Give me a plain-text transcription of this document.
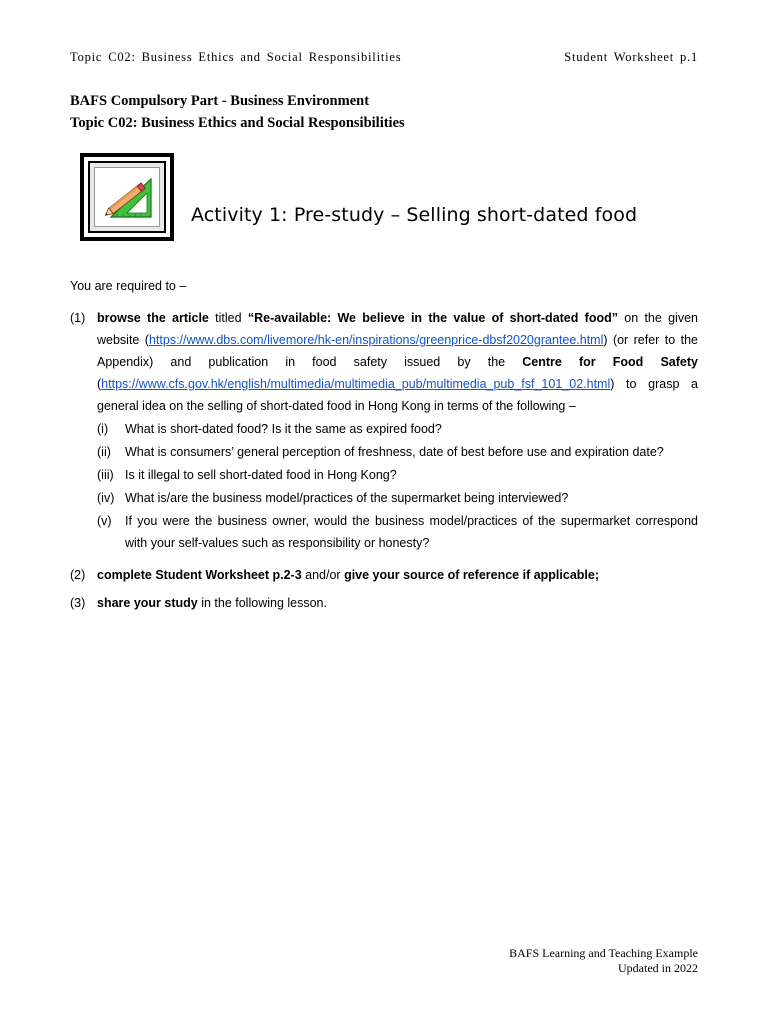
Topic C02: Business Ethics and Social Responsibilities	Student Worksheet p.1
BAFS Compulsory Part - Business Environment
Topic C02: Business Ethics and Social Responsibilities
Activity 1: Pre-study – Selling short-dated food
You are required to –
(1) browse the article titled “Re-available: We believe in the value of short-dated food” on the given website (https://www.dbs.com/livemore/hk-en/inspirations/greenprice-dbsf2020grantee.html) (or refer to the Appendix) and publication in food safety issued by the Centre for Food Safety (https://www.cfs.gov.hk/english/multimedia/multimedia_pub/multimedia_pub_fsf_101_02.html) to grasp a general idea on the selling of short-dated food in Hong Kong in terms of the following –
(i) What is short-dated food? Is it the same as expired food?
(ii) What is consumers’ general perception of freshness, date of best before use and expiration date?
(iii) Is it illegal to sell short-dated food in Hong Kong?
(iv) What is/are the business model/practices of the supermarket being interviewed?
(v) If you were the business owner, would the business model/practices of the supermarket correspond with your self-values such as responsibility or honesty?
(2) complete Student Worksheet p.2-3 and/or give your source of reference if applicable;
(3) share your study in the following lesson.
BAFS Learning and Teaching Example
Updated in 2022
